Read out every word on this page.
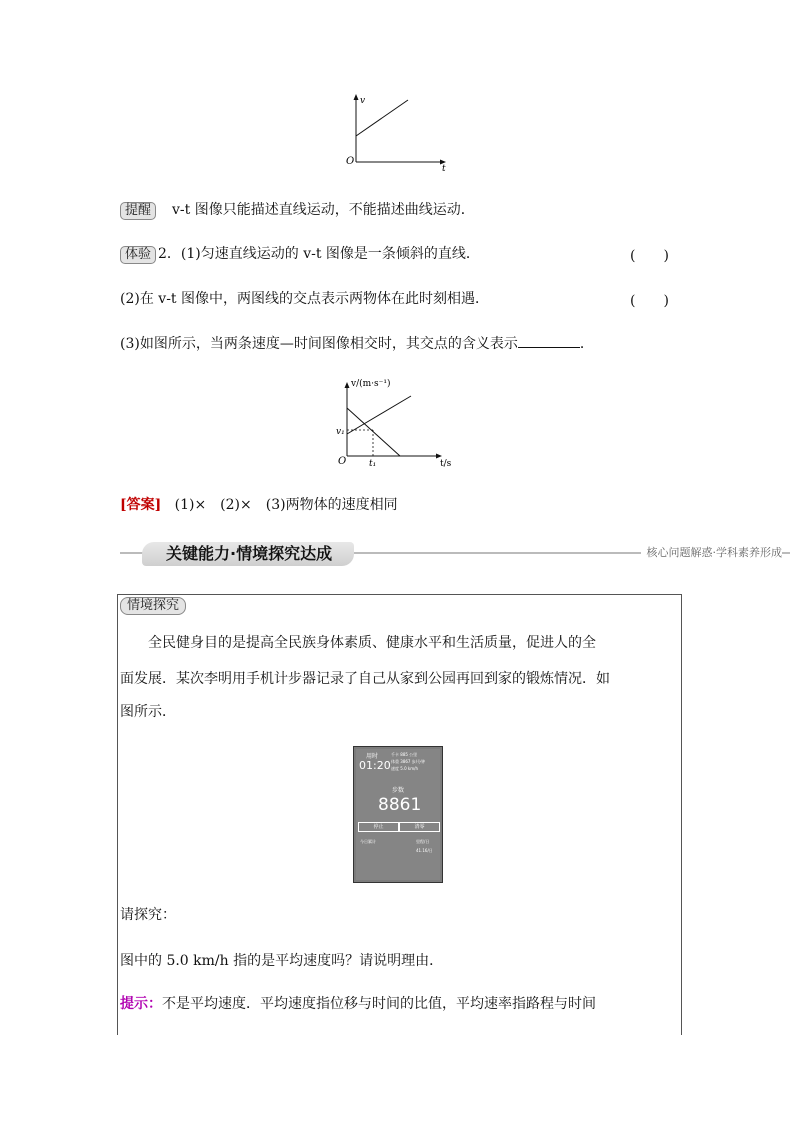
v
t
O
提醒 v-t 图像只能描述直线运动，不能描述曲线运动．
体验 2．(1)匀速直线运动的 v-t 图像是一条倾斜的直线．	(　　)
(2)在 v-t 图像中，两图线的交点表示两物体在此时刻相遇．	(　　)
(3)如图所示，当两条速度—时间图像相交时，其交点的含义表示	．
v/(m·s⁻¹)
t/s
O
v₁
t₁
[答案] (1)×　(2)×　(3)两物体的速度相同
关键能力·情境探究达成	核心问题解惑·学科素养形成
情境探究
全民健身目的是提高全民族身体素质、健康水平和生活质量，促进人的全
面发展．某次李明用手机计步器记录了自己从家到公园再回到家的锻炼情况．如
图所示．
用时
01:20
千卡 885 公里
体重 3867 步/分钟
速度 5.0 km/h
步数
8861
停止	清零
今日累计	里程/日
41.16/日
请探究：
图中的 5.0 km/h 指的是平均速度吗？请说明理由．
提示：不是平均速度．平均速度指位移与时间的比值，平均速率指路程与时间
